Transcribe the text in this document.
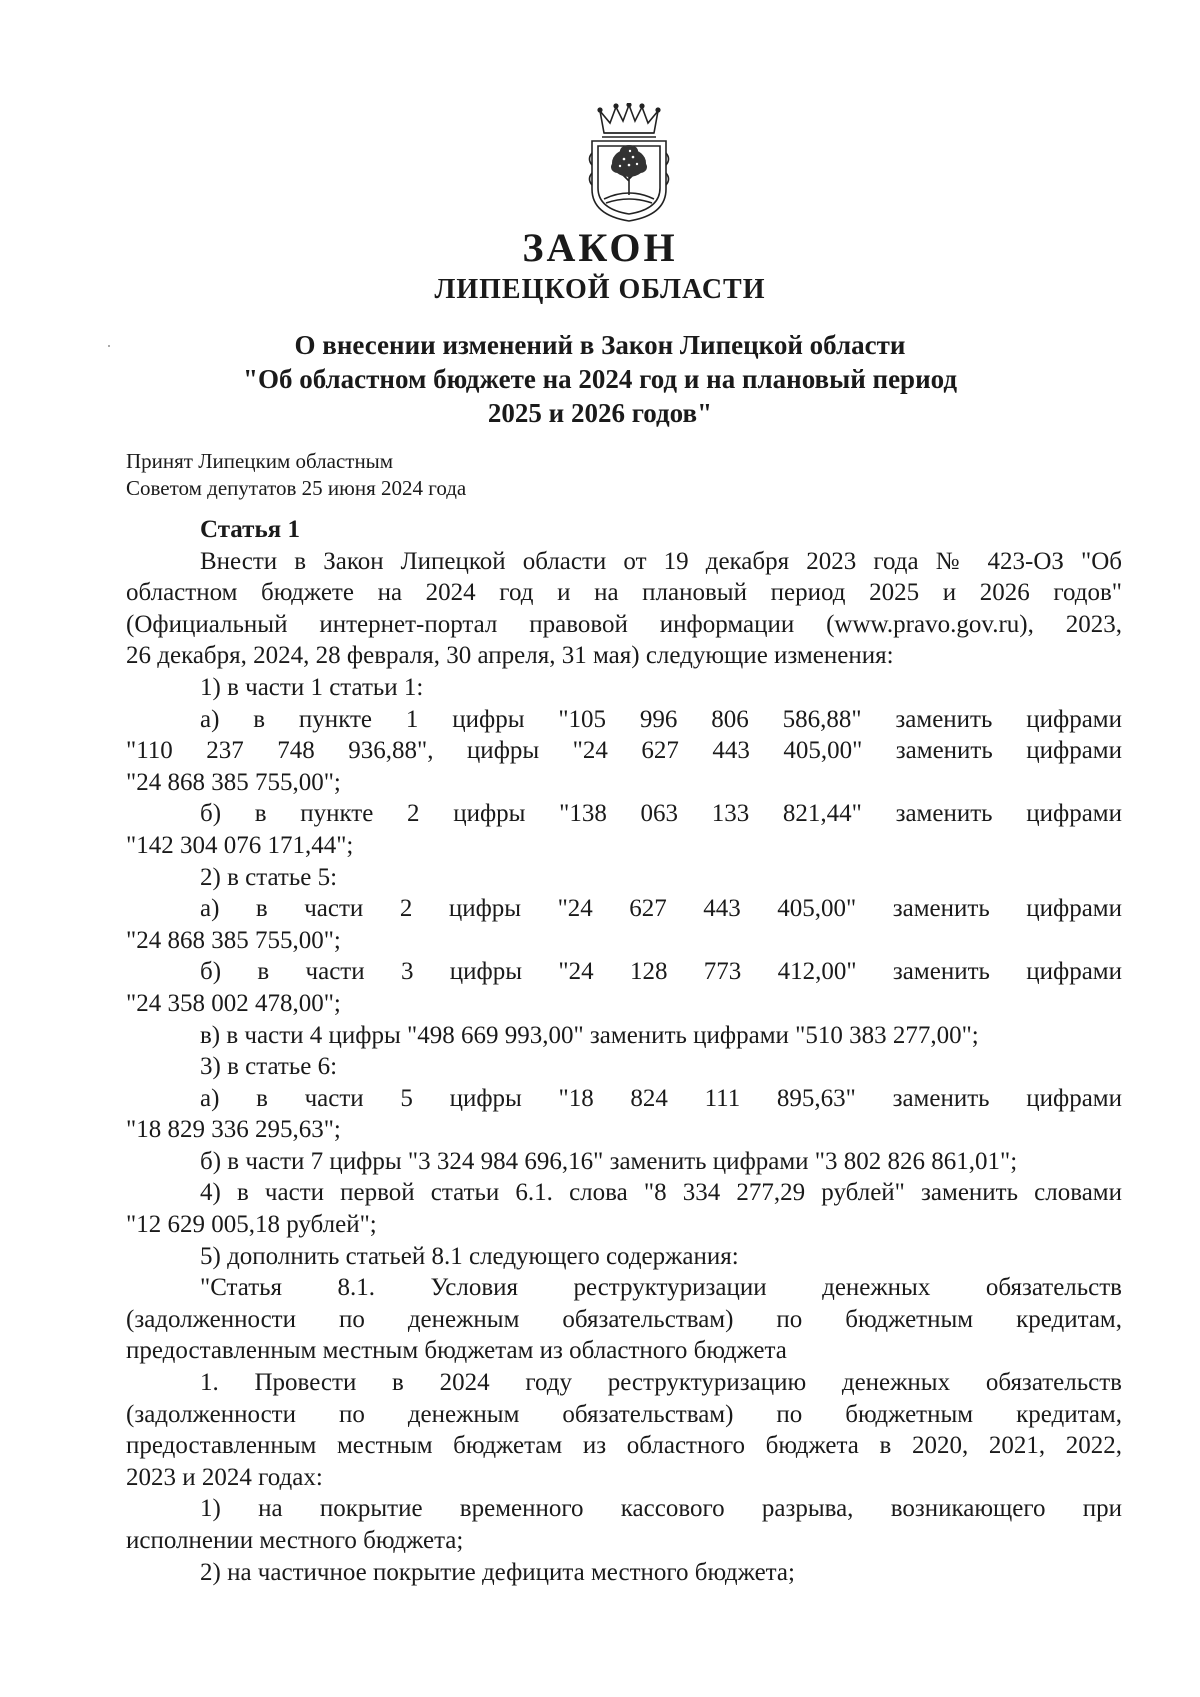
ЗАКОН
ЛИПЕЦКОЙ ОБЛАСТИ
О внесении изменений в Закон Липецкой области
"Об областном бюджете на 2024 год и на плановый период
2025 и 2026 годов"
Принят Липецким областным
Советом депутатов 25 июня 2024 года
Статья 1
Внести в Закон Липецкой области от 19 декабря 2023 года № 423-ОЗ "Об
областном бюджете на 2024 год и на плановый период 2025 и 2026 годов"
(Официальный интернет-портал правовой информации (www.pravo.gov.ru), 2023,
26 декабря, 2024, 28 февраля, 30 апреля, 31 мая) следующие изменения:
1) в части 1 статьи 1:
а) в пункте 1 цифры "105 996 806 586,88" заменить цифрами
"110 237 748 936,88", цифры "24 627 443 405,00" заменить цифрами
"24 868 385 755,00";
б) в пункте 2 цифры "138 063 133 821,44" заменить цифрами
"142 304 076 171,44";
2) в статье 5:
а) в части 2 цифры "24 627 443 405,00" заменить цифрами
"24 868 385 755,00";
б) в части 3 цифры "24 128 773 412,00" заменить цифрами
"24 358 002 478,00";
в) в части 4 цифры "498 669 993,00" заменить цифрами "510 383 277,00";
3) в статье 6:
а) в части 5 цифры "18 824 111 895,63" заменить цифрами
"18 829 336 295,63";
б) в части 7 цифры "3 324 984 696,16" заменить цифрами "3 802 826 861,01";
4) в части первой статьи 6.1. слова "8 334 277,29 рублей" заменить словами
"12 629 005,18 рублей";
5) дополнить статьей 8.1 следующего содержания:
"Статья 8.1. Условия реструктуризации денежных обязательств
(задолженности по денежным обязательствам) по бюджетным кредитам,
предоставленным местным бюджетам из областного бюджета
1. Провести в 2024 году реструктуризацию денежных обязательств
(задолженности по денежным обязательствам) по бюджетным кредитам,
предоставленным местным бюджетам из областного бюджета в 2020, 2021, 2022,
2023 и 2024 годах:
1) на покрытие временного кассового разрыва, возникающего при
исполнении местного бюджета;
2) на частичное покрытие дефицита местного бюджета;
